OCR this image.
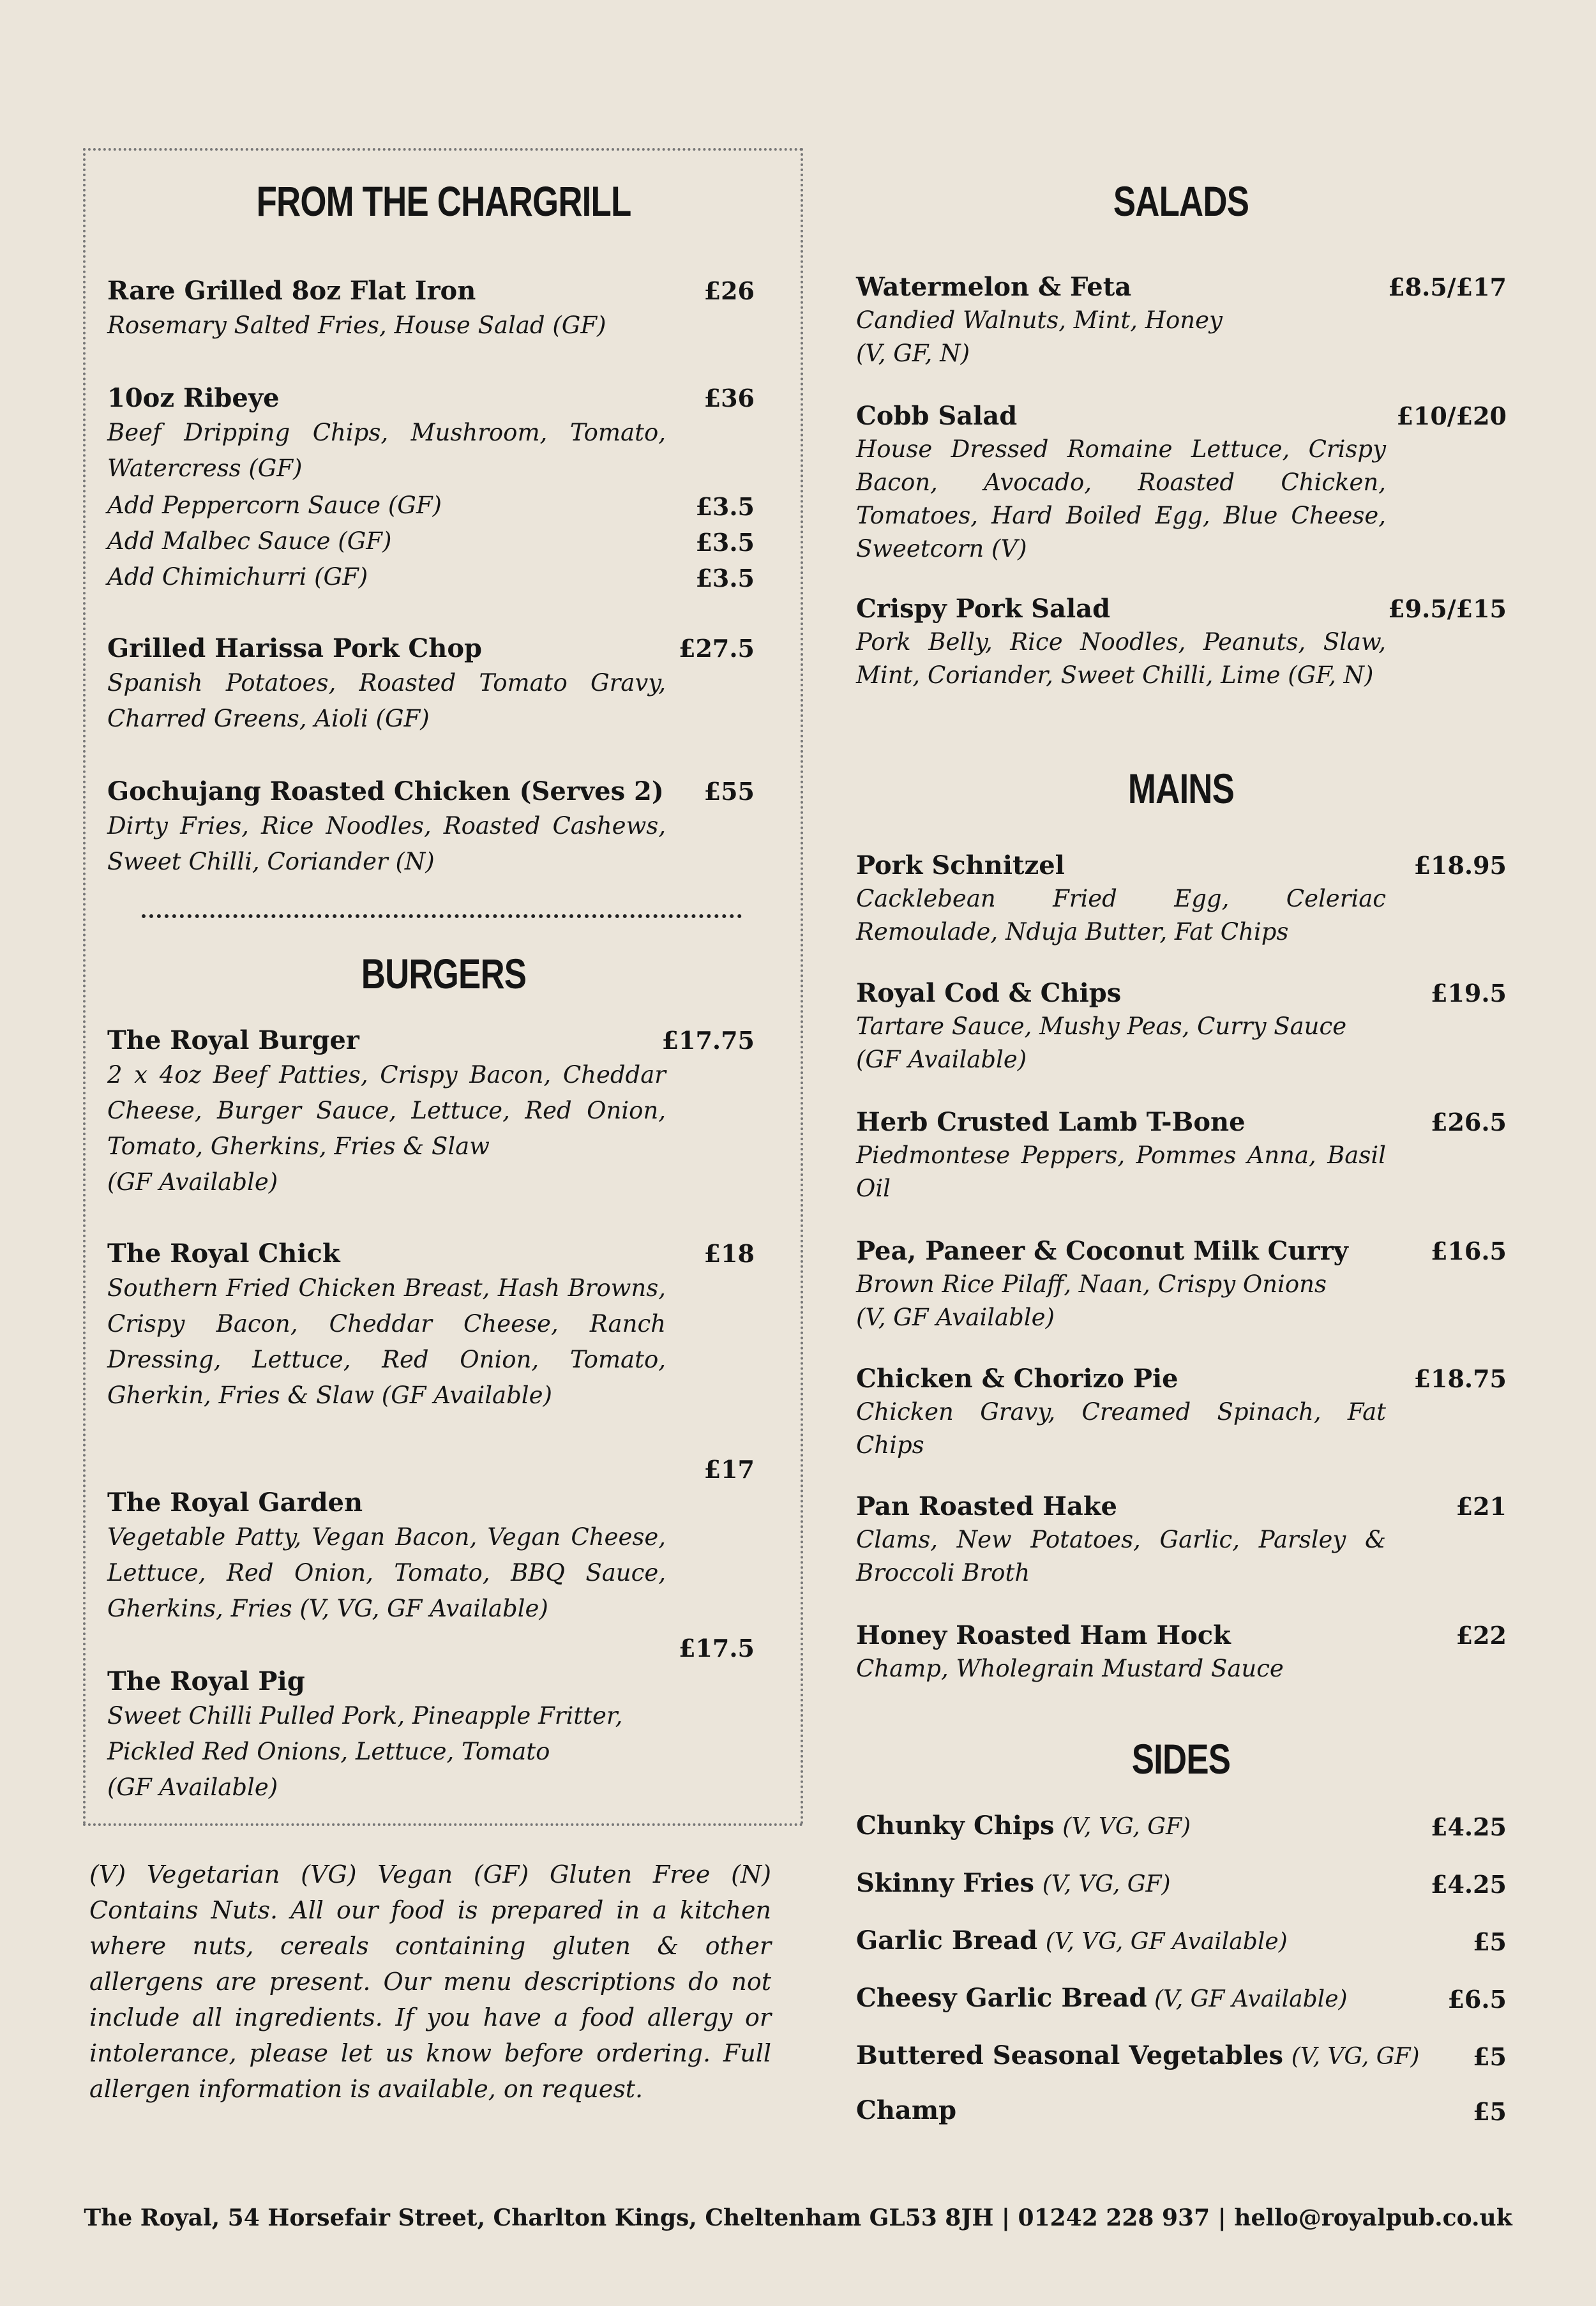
FROM THE CHARGRILL
Rare Grilled 8oz Flat Iron
Rosemary Salted Fries, House Salad (GF)
£26
10oz Ribeye
Beef Dripping Chips, Mushroom, Tomato, Watercress (GF)
£36
Add Peppercorn Sauce (GF)	£3.5
Add Malbec Sauce (GF)	£3.5
Add Chimichurri (GF)	£3.5
Grilled Harissa Pork Chop
Spanish Potatoes, Roasted Tomato Gravy, Charred Greens, Aioli (GF)
£27.5
Gochujang Roasted Chicken (Serves 2)
Dirty Fries, Rice Noodles, Roasted Cashews, Sweet Chilli, Coriander (N)
£55
BURGERS
The Royal Burger
2 x 4oz Beef Patties, Crispy Bacon, Cheddar Cheese, Burger Sauce, Lettuce, Red Onion, Tomato, Gherkins, Fries & Slaw
(GF Available)
£17.75
The Royal Chick
Southern Fried Chicken Breast, Hash Browns, Crispy Bacon, Cheddar Cheese, Ranch Dressing, Lettuce, Red Onion, Tomato, Gherkin, Fries & Slaw (GF Available)
£18
£17
The Royal Garden
Vegetable Patty, Vegan Bacon, Vegan Cheese, Lettuce, Red Onion, Tomato, BBQ Sauce, Gherkins, Fries (V, VG, GF Available)
£17.5
The Royal Pig
Sweet Chilli Pulled Pork, Pineapple Fritter, Pickled Red Onions, Lettuce, Tomato
(GF Available)
(V) Vegetarian (VG) Vegan (GF) Gluten Free (N) Contains Nuts. All our food is prepared in a kitchen where nuts, cereals containing gluten & other allergens are present. Our menu descriptions do not include all ingredients. If you have a food allergy or intolerance, please let us know before ordering. Full allergen information is available, on request.
SALADS
Watermelon & Feta
Candied Walnuts, Mint, Honey
(V, GF, N)
£8.5/£17
Cobb Salad
House Dressed Romaine Lettuce, Crispy Bacon, Avocado, Roasted Chicken, Tomatoes, Hard Boiled Egg, Blue Cheese, Sweetcorn (V)
£10/£20
Crispy Pork Salad
Pork Belly, Rice Noodles, Peanuts, Slaw, Mint, Coriander, Sweet Chilli, Lime (GF, N)
£9.5/£15
MAINS
Pork Schnitzel
Cacklebean Fried Egg, Celeriac Remoulade, Nduja Butter, Fat Chips
£18.95
Royal Cod & Chips
Tartare Sauce, Mushy Peas, Curry Sauce
(GF Available)
£19.5
Herb Crusted Lamb T-Bone
Piedmontese Peppers, Pommes Anna, Basil Oil
£26.5
Pea, Paneer & Coconut Milk Curry
Brown Rice Pilaff, Naan, Crispy Onions
(V, GF Available)
£16.5
Chicken & Chorizo Pie
Chicken Gravy, Creamed Spinach, Fat Chips
£18.75
Pan Roasted Hake
Clams, New Potatoes, Garlic, Parsley & Broccoli Broth
£21
Honey Roasted Ham Hock
Champ, Wholegrain Mustard Sauce
£22
SIDES
Chunky Chips (V, VG, GF)	£4.25
Skinny Fries (V, VG, GF)	£4.25
Garlic Bread (V, VG, GF Available)	£5
Cheesy Garlic Bread (V, GF Available)	£6.5
Buttered Seasonal Vegetables (V, VG, GF) £5
Champ	£5
The Royal, 54 Horsefair Street, Charlton Kings, Cheltenham GL53 8JH | 01242 228 937 | hello@royalpub.co.uk
